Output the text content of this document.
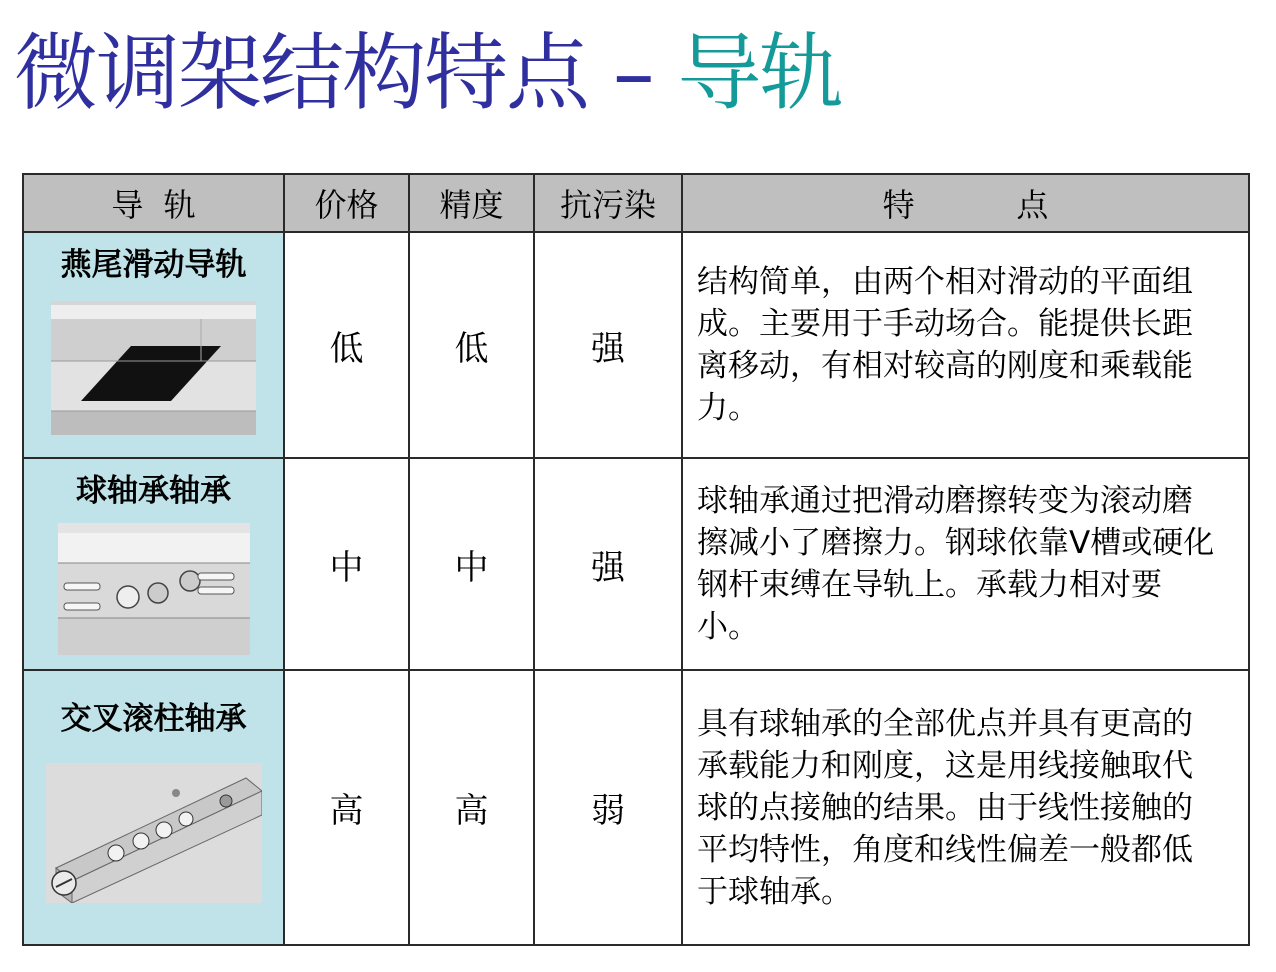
微调架结构特点 – 导轨
导  轨	价格	精度	抗污染	特          点

燕尾滑动导轨	低	低	强	结构简单，由两个相对滑动的平面组成。主要用于手动场合。能提供长距离移动，有相对较高的刚度和乘载能力。

球轴承轴承	中	中	强	球轴承通过把滑动磨擦转变为滚动磨擦减小了磨擦力。钢球依靠V槽或硬化钢杆束缚在导轨上。承载力相对要小。

交叉滚柱轴承	高	高	弱	具有球轴承的全部优点并具有更高的承载能力和刚度，这是用线接触取代球的点接触的结果。由于线性接触的平均特性，角度和线性偏差一般都低于球轴承。
